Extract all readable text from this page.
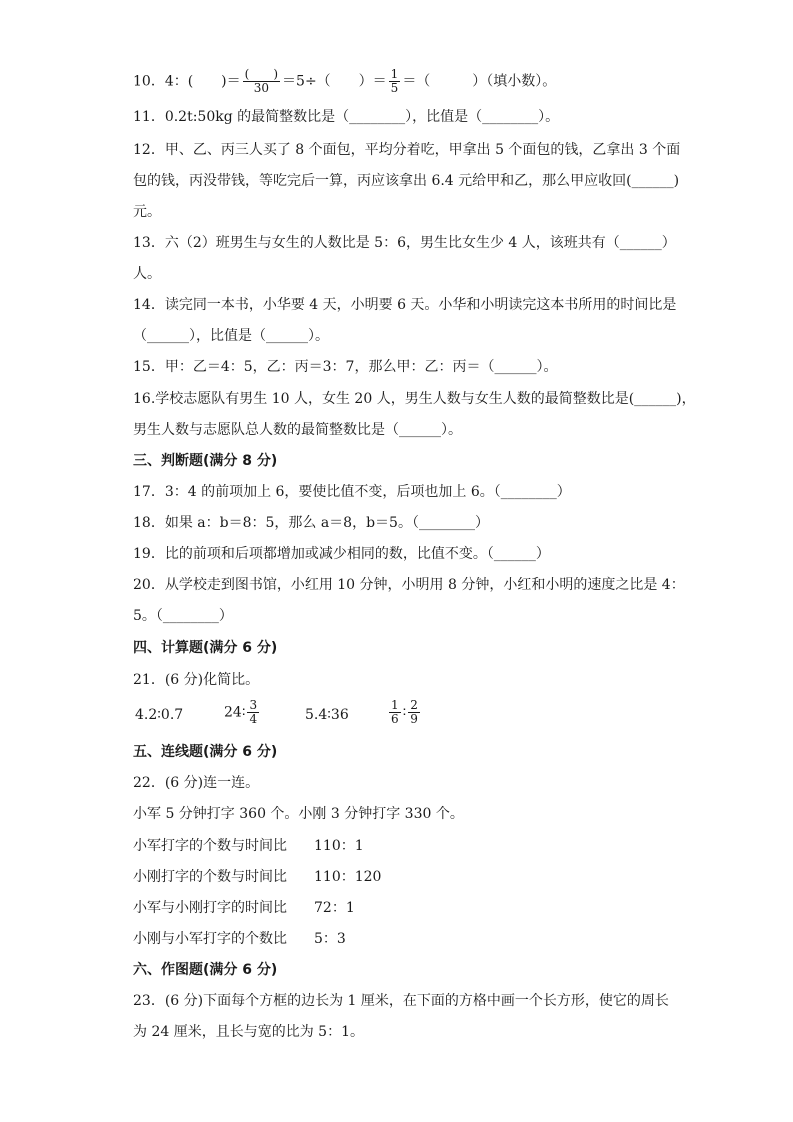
10．4：(　　)＝ $\frac{( )}{30} =5\div$（　　）＝ $\frac{1}{5}$ ＝（　　　）（填小数）。
11．0.2t:50kg 的最简整数比是（________），比值是（________）。
12．甲、乙、丙三人买了 8 个面包，平均分着吃，甲拿出 5 个面包的钱，乙拿出 3 个面
包的钱，丙没带钱，等吃完后一算，丙应该拿出 6.4 元给甲和乙，那么甲应收回(______)
元。
13．六（2）班男生与女生的人数比是 5：6，男生比女生少 4 人，该班共有（______）
人。
14．读完同一本书，小华要 4 天，小明要 6 天。小华和小明读完这本书所用的时间比是
（______），比值是（______）。
15．甲：乙＝4：5，乙：丙＝3：7，那么甲：乙：丙＝（______）。
16.学校志愿队有男生 10 人，女生 20 人，男生人数与女生人数的最简整数比是(______)，
男生人数与志愿队总人数的最简整数比是（______）。
三、判断题(满分 8 分)
17．3：4 的前项加上 6，要使比值不变，后项也加上 6。（________）
18．如果 a：b＝8：5，那么 a＝8，b＝5。（________）
19．比的前项和后项都增加或减少相同的数，比值不变。（______）
20．从学校走到图书馆，小红用 10 分钟，小明用 8 分钟，小红和小明的速度之比是 4：
5。（________）
四、计算题(满分 6 分)
21．(6 分)化简比。
4.2∶0.7	24∶ $\frac{3}{4}$	5.4∶36	$\frac{1}{6}$ ∶ $\frac{2}{9}$
五、连线题(满分 6 分)
22．(6 分)连一连。
小军 5 分钟打字 360 个。小刚 3 分钟打字 330 个。
小军打字的个数与时间比 110：1
小刚打字的个数与时间比 110：120
小军与小刚打字的时间比 72：1
小刚与小军打字的个数比 5：3
六、作图题(满分 6 分)
23．(6 分)下面每个方框的边长为 1 厘米，在下面的方格中画一个长方形，使它的周长
为 24 厘米，且长与宽的比为 5：1。
